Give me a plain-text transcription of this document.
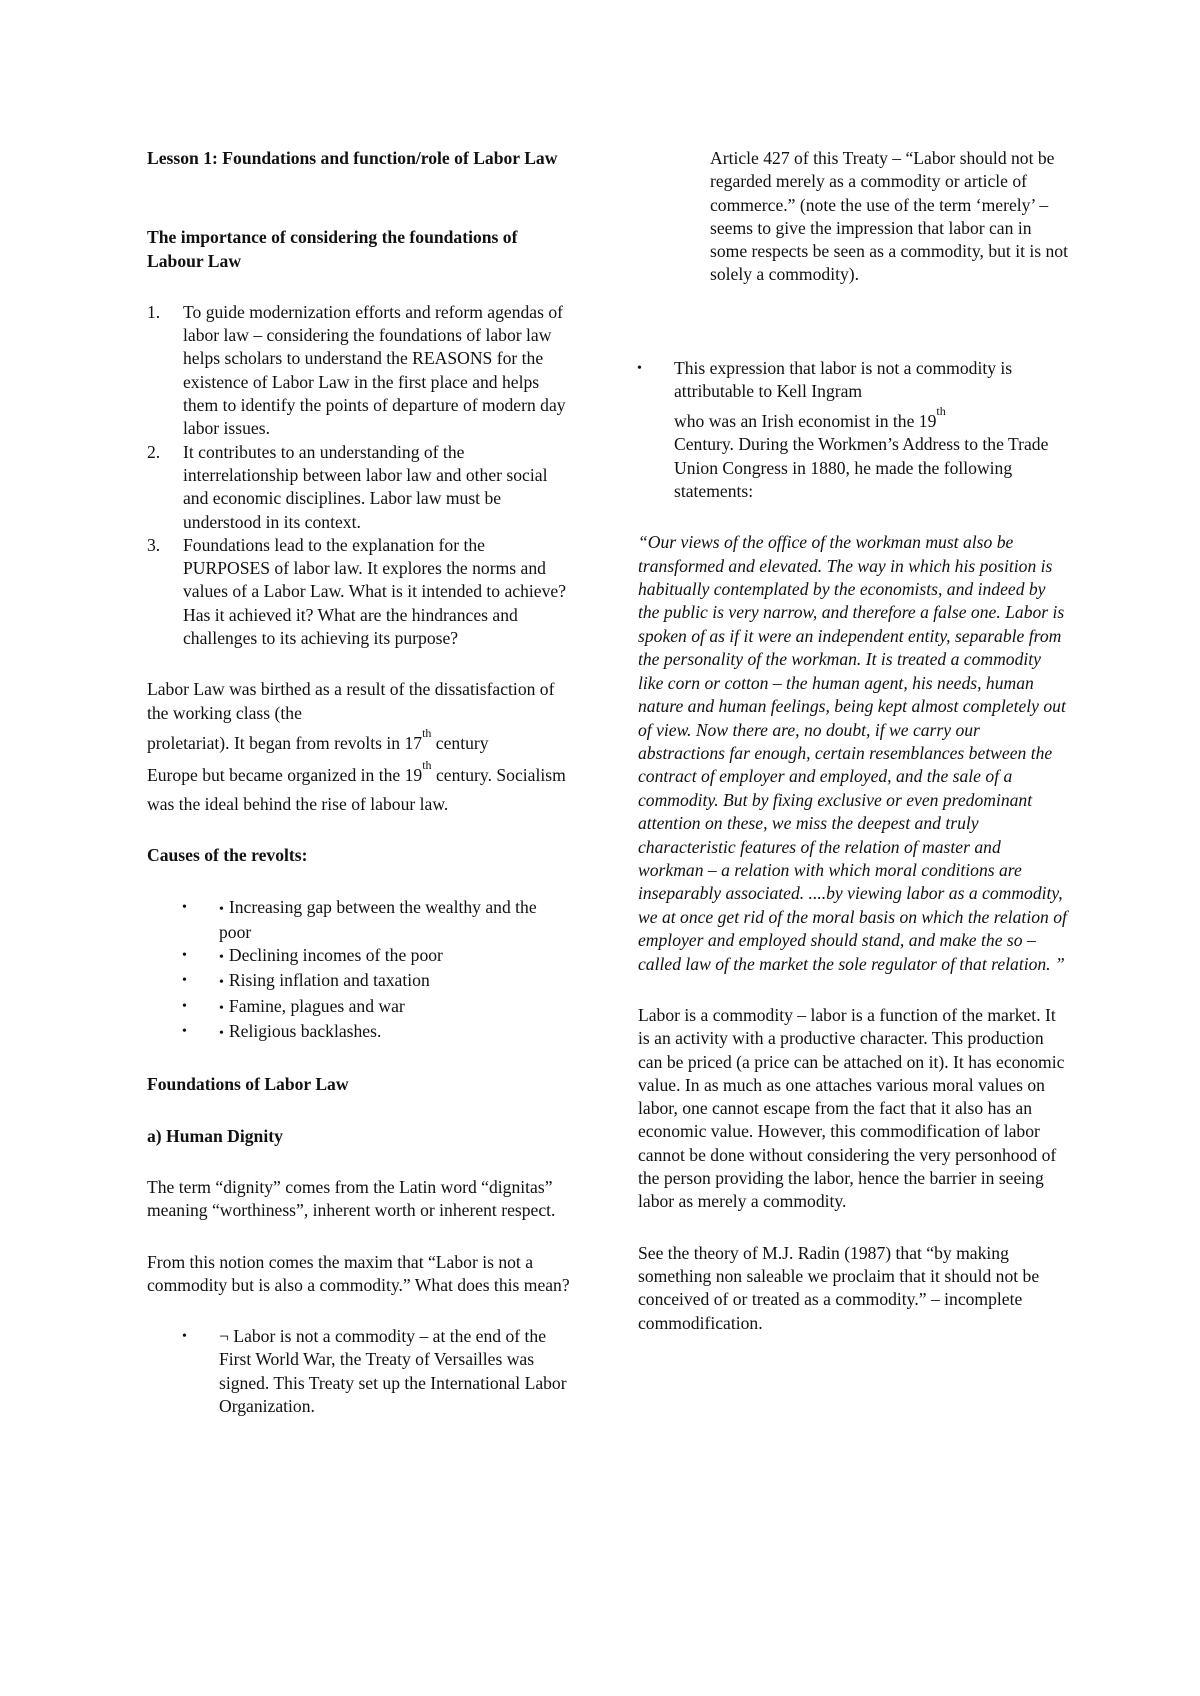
Lesson 1: Foundations and function/role of Labor Law

The importance of considering the foundations of Labour Law

1. To guide modernization efforts and reform agendas of labor law – considering the foundations of labor law helps scholars to understand the REASONS for the existence of Labor Law in the first place and helps them to identify the points of departure of modern day labor issues.
2. It contributes to an understanding of the interrelationship between labor law and other social and economic disciplines. Labor law must be understood in its context.
3. Foundations lead to the explanation for the PURPOSES of labor law. It explores the norms and values of a Labor Law. What is it intended to achieve? Has it achieved it? What are the hindrances and challenges to its achieving its purpose?

Labor Law was birthed as a result of the dissatisfaction of the working class (the

proletariat). It began from revolts in 17th century

Europe but became organized in the 19th century. Socialism was the ideal behind the rise of labour law.

Causes of the revolts:

• • Increasing gap between the wealthy and the poor
• • Declining incomes of the poor
• • Rising inflation and taxation
• • Famine, plagues and war
• • Religious backlashes.

Foundations of Labor Law

a) Human Dignity

The term “dignity” comes from the Latin word “dignitas” meaning “worthiness”, inherent worth or inherent respect.

From this notion comes the maxim that “Labor is not a commodity but is also a commodity.” What does this mean?

• ¬ Labor is not a commodity – at the end of the First World War, the Treaty of Versailles was signed. This Treaty set up the International Labor Organization.

Article 427 of this Treaty – “Labor should not be regarded merely as a commodity or article of commerce.” (note the use of the term ‘merely’ – seems to give the impression that labor can in some respects be seen as a commodity, but it is not solely a commodity).

• This expression that labor is not a commodity is attributable to Kell Ingram
who was an Irish economist in the 19th
Century. During the Workmen’s Address to the Trade Union Congress in 1880, he made the following statements:

“Our views of the office of the workman must also be transformed and elevated. The way in which his position is habitually contemplated by the economists, and indeed by the public is very narrow, and therefore a false one. Labor is spoken of as if it were an independent entity, separable from the personality of the workman. It is treated a commodity like corn or cotton – the human agent, his needs, human nature and human feelings, being kept almost completely out of view. Now there are, no doubt, if we carry our abstractions far enough, certain resemblances between the contract of employer and employed, and the sale of a commodity. But by fixing exclusive or even predominant attention on these, we miss the deepest and truly characteristic features of the relation of master and workman – a relation with which moral conditions are inseparably associated. ....by viewing labor as a commodity, we at once get rid of the moral basis on which the relation of employer and employed should stand, and make the so – called law of the market the sole regulator of that relation. ”

Labor is a commodity – labor is a function of the market. It is an activity with a productive character. This production can be priced (a price can be attached on it). It has economic value. In as much as one attaches various moral values on labor, one cannot escape from the fact that it also has an economic value. However, this commodification of labor cannot be done without considering the very personhood of the person providing the labor, hence the barrier in seeing labor as merely a commodity.

See the theory of M.J. Radin (1987) that “by making something non saleable we proclaim that it should not be conceived of or treated as a commodity.” – incomplete commodification.
